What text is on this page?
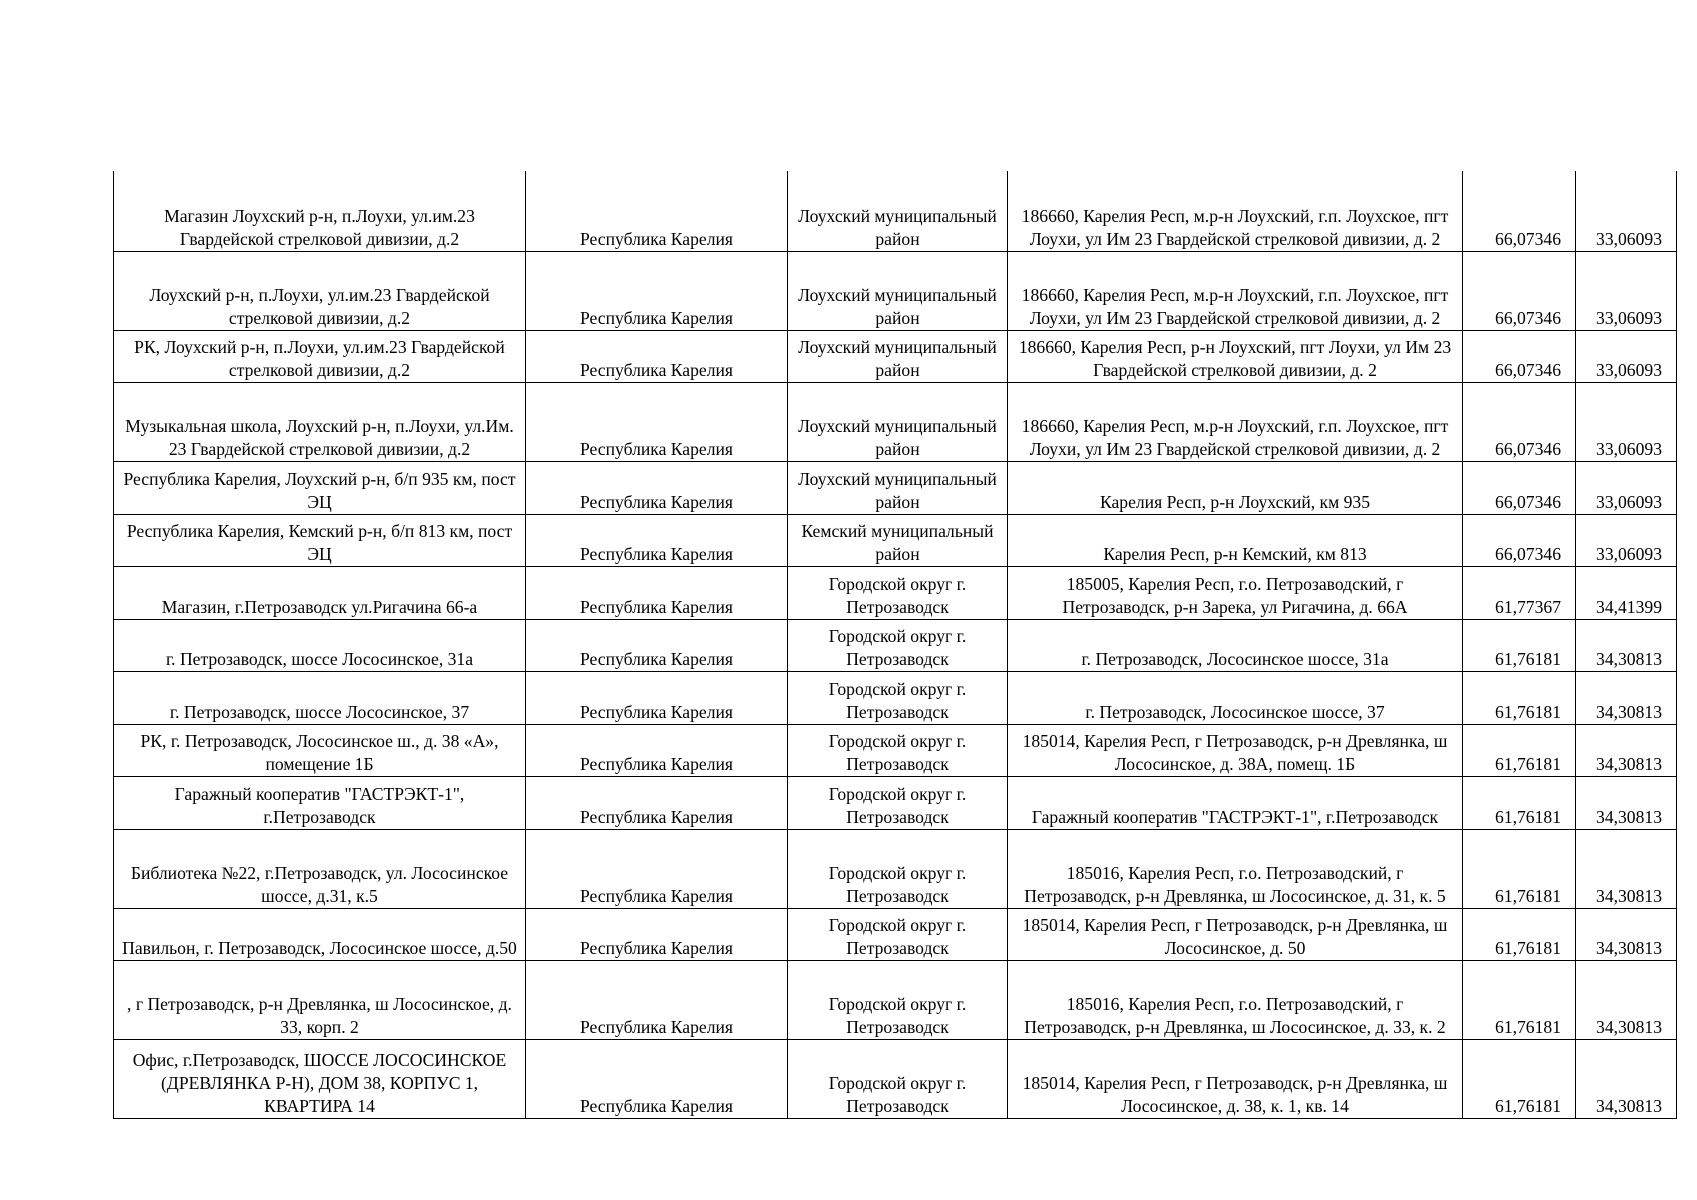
Магазин Лоухский р-н, п.Лоухи, ул.им.23 Гвардейской стрелковой дивизии, д.2	Республика Карелия	Лоухский муниципальный район	186660, Карелия Респ, м.р-н Лоухский, г.п. Лоухское, пгт Лоухи, ул Им 23 Гвардейской стрелковой дивизии, д. 2	66,07346	33,06093
Лоухский р-н, п.Лоухи, ул.им.23 Гвардейской стрелковой дивизии, д.2	Республика Карелия	Лоухский муниципальный район	186660, Карелия Респ, м.р-н Лоухский, г.п. Лоухское, пгт Лоухи, ул Им 23 Гвардейской стрелковой дивизии, д. 2	66,07346	33,06093
РК, Лоухский р-н, п.Лоухи, ул.им.23 Гвардейской стрелковой дивизии, д.2	Республика Карелия	Лоухский муниципальный район	186660, Карелия Респ, р-н Лоухский, пгт Лоухи, ул Им 23 Гвардейской стрелковой дивизии, д. 2	66,07346	33,06093
Музыкальная школа, Лоухский р-н, п.Лоухи, ул.Им. 23 Гвардейской стрелковой дивизии, д.2	Республика Карелия	Лоухский муниципальный район	186660, Карелия Респ, м.р-н Лоухский, г.п. Лоухское, пгт Лоухи, ул Им 23 Гвардейской стрелковой дивизии, д. 2	66,07346	33,06093
Республика Карелия, Лоухский р-н, б/п 935 км, пост ЭЦ	Республика Карелия	Лоухский муниципальный район	Карелия Респ, р-н Лоухский, км 935	66,07346	33,06093
Республика Карелия, Кемский р-н, б/п 813 км, пост ЭЦ	Республика Карелия	Кемский муниципальный район	Карелия Респ, р-н Кемский, км 813	66,07346	33,06093
Магазин, г.Петрозаводск ул.Ригачина 66-а	Республика Карелия	Городской округ г. Петрозаводск	185005, Карелия Респ, г.о. Петрозаводский, г Петрозаводск, р-н Зарека, ул Ригачина, д. 66А	61,77367	34,41399
г. Петрозаводск, шоссе Лососинское, 31а	Республика Карелия	Городской округ г. Петрозаводск	г. Петрозаводск, Лососинское шоссе, 31а	61,76181	34,30813
г. Петрозаводск, шоссе Лососинское, 37	Республика Карелия	Городской округ г. Петрозаводск	г. Петрозаводск, Лососинское шоссе, 37	61,76181	34,30813
РК, г. Петрозаводск, Лососинское ш., д. 38 «А», помещение 1Б	Республика Карелия	Городской округ г. Петрозаводск	185014, Карелия Респ, г Петрозаводск, р-н Древлянка, ш Лососинское, д. 38А, помещ. 1Б	61,76181	34,30813
Гаражный кооператив "ГАСТРЭКТ-1", г.Петрозаводск	Республика Карелия	Городской округ г. Петрозаводск	Гаражный кооператив "ГАСТРЭКТ-1", г.Петрозаводск	61,76181	34,30813
Библиотека №22, г.Петрозаводск, ул. Лососинское шоссе, д.31, к.5	Республика Карелия	Городской округ г. Петрозаводск	185016, Карелия Респ, г.о. Петрозаводский, г Петрозаводск, р-н Древлянка, ш Лососинское, д. 31, к. 5	61,76181	34,30813
Павильон, г. Петрозаводск, Лососинское шоссе, д.50	Республика Карелия	Городской округ г. Петрозаводск	185014, Карелия Респ, г Петрозаводск, р-н Древлянка, ш Лососинское, д. 50	61,76181	34,30813
, г Петрозаводск, р-н Древлянка, ш Лососинское, д. 33, корп. 2	Республика Карелия	Городской округ г. Петрозаводск	185016, Карелия Респ, г.о. Петрозаводский, г Петрозаводск, р-н Древлянка, ш Лососинское, д. 33, к. 2	61,76181	34,30813
Офис, г.Петрозаводск, ШОССЕ ЛОСОСИНСКОЕ (ДРЕВЛЯНКА Р-Н), ДОМ 38, КОРПУС 1, КВАРТИРА 14	Республика Карелия	Городской округ г. Петрозаводск	185014, Карелия Респ, г Петрозаводск, р-н Древлянка, ш Лососинское, д. 38, к. 1, кв. 14	61,76181	34,30813
